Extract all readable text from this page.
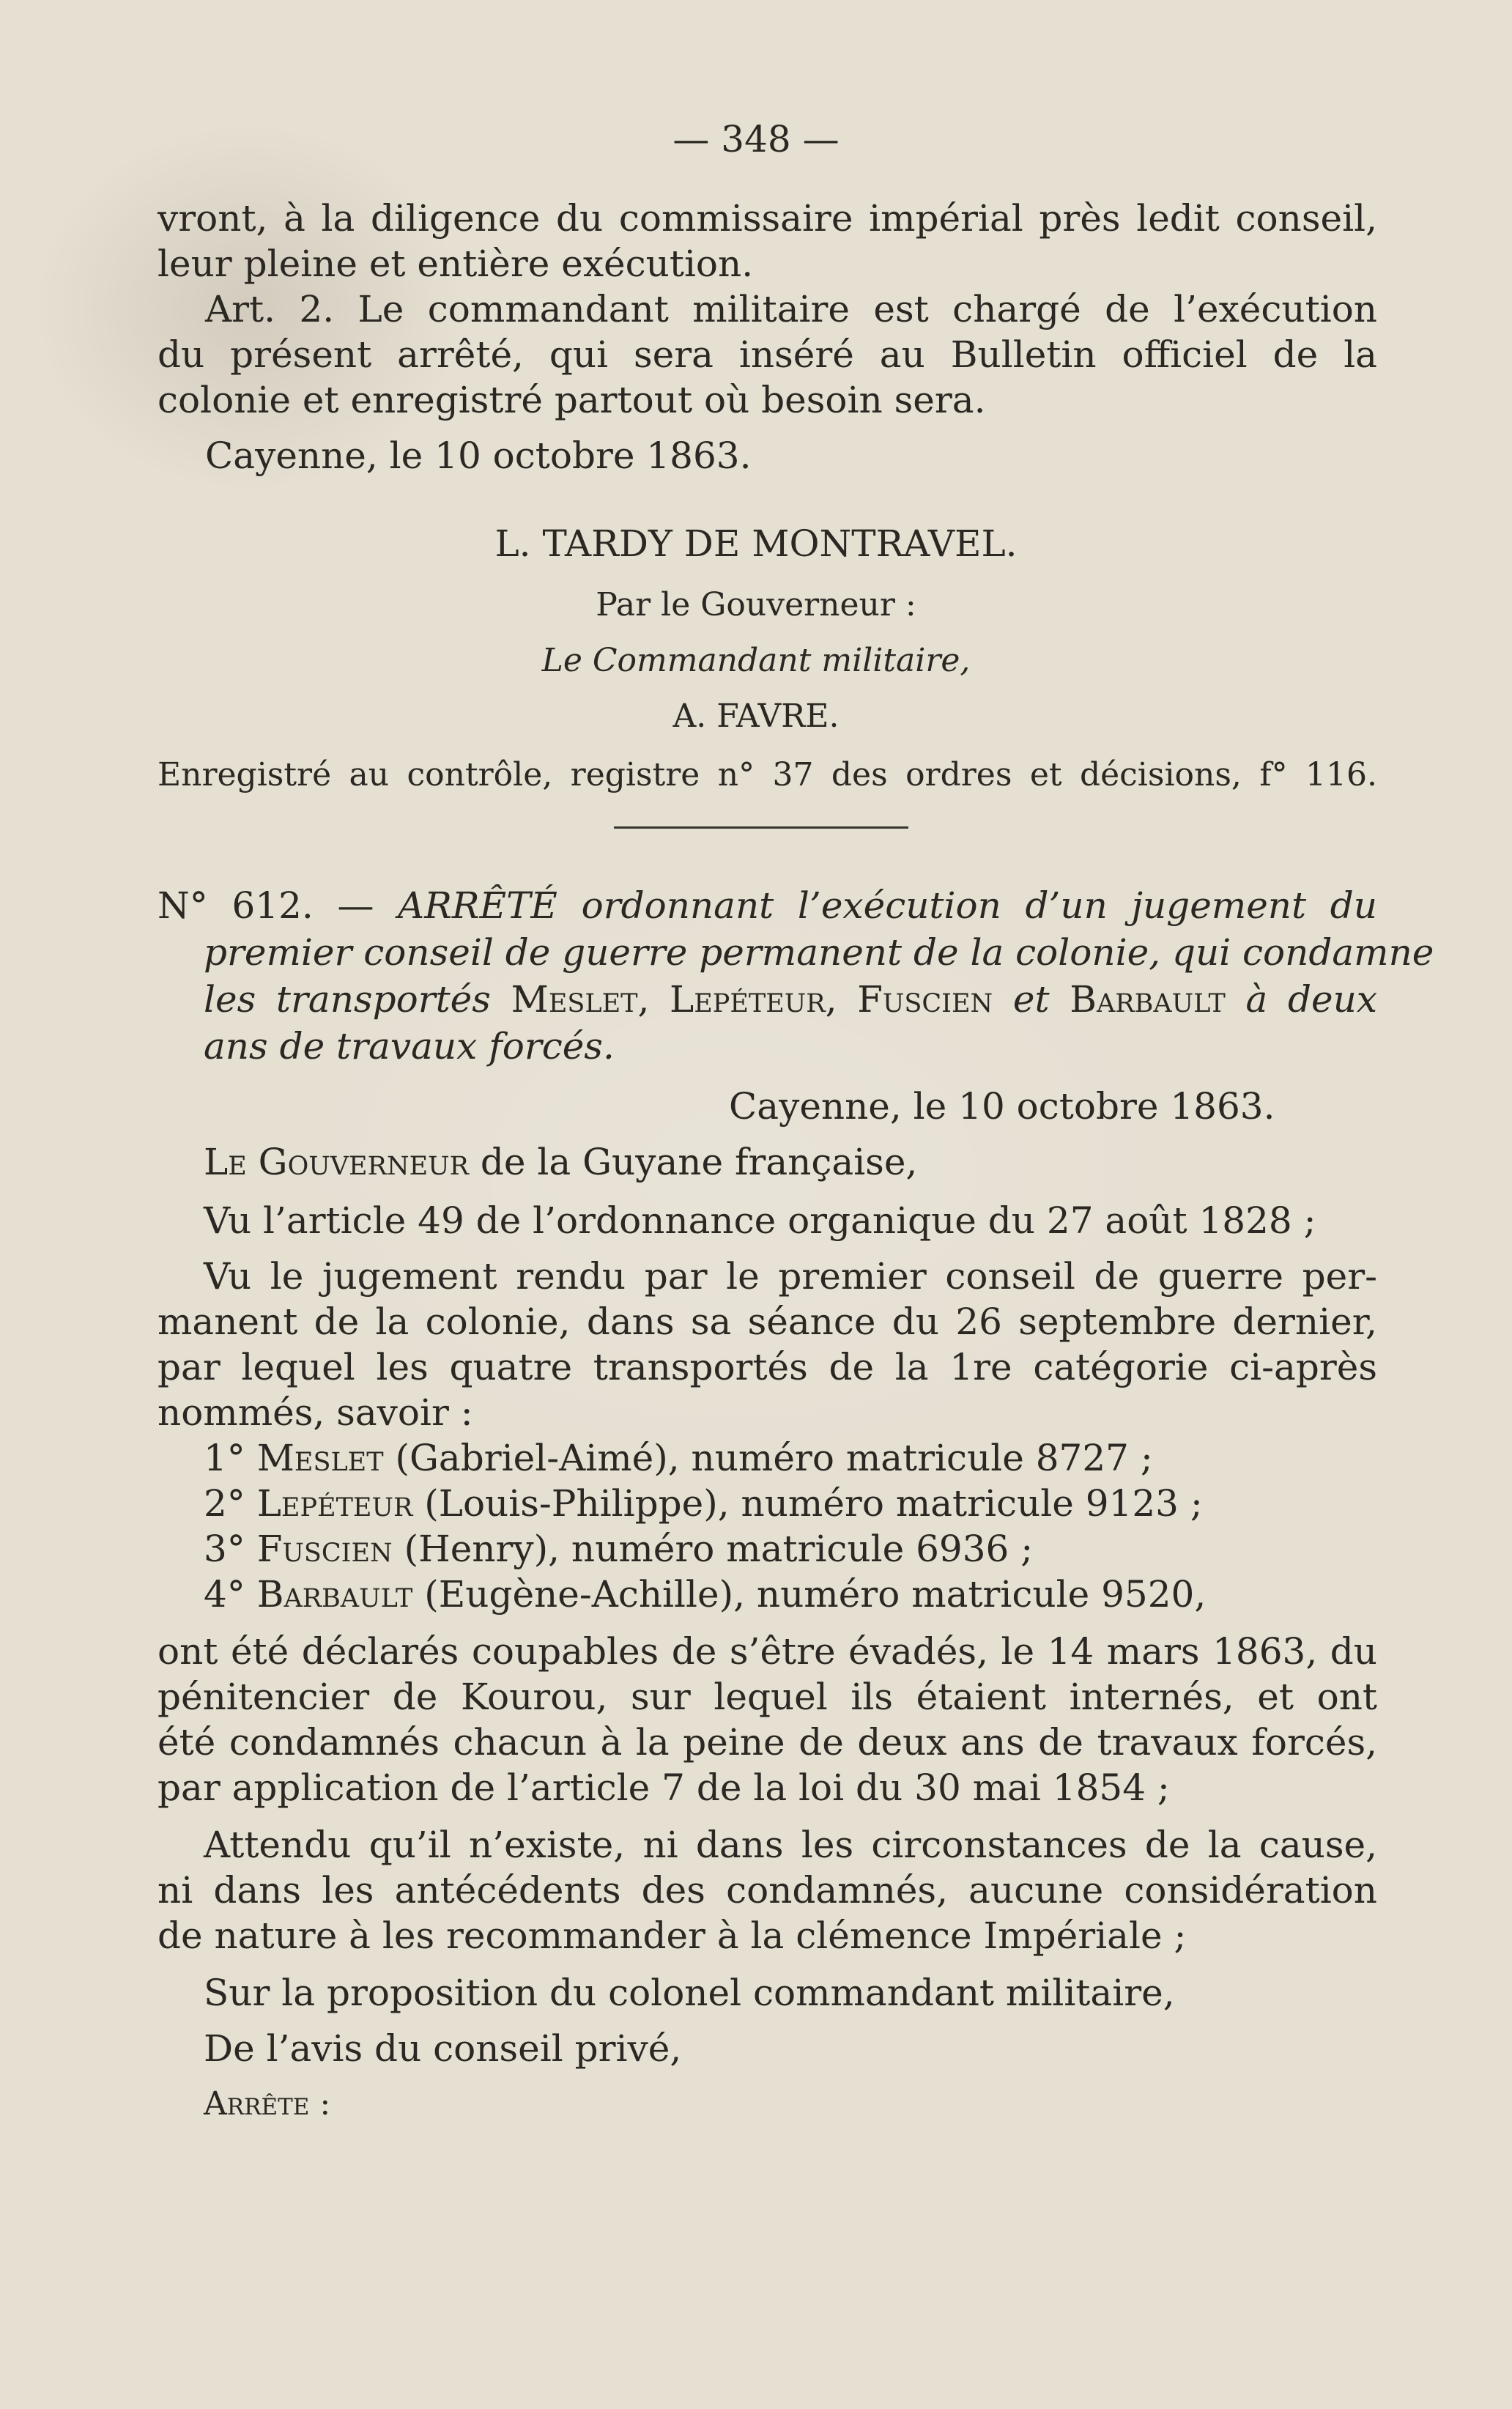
— 348 —
vront, à la diligence du commissaire impérial près ledit conseil,
leur pleine et entière exécution.
Art. 2. Le commandant militaire est chargé de l’exécution
du présent arrêté, qui sera inséré au Bulletin officiel de la
colonie et enregistré partout où besoin sera.
Cayenne, le 10 octobre 1863.
L. TARDY DE MONTRAVEL.
Par le Gouverneur :
Le Commandant militaire,
A. FAVRE.
Enregistré au contrôle, registre n° 37 des ordres et décisions, f° 116.
N° 612. — ARRÊTÉ ordonnant l’exécution d’un jugement du
premier conseil de guerre permanent de la colonie, qui condamne
les transportés Meslet, Lepéteur, Fuscien et Barbault à deux
ans de travaux forcés.
Cayenne, le 10 octobre 1863.
Le Gouverneur de la Guyane française,
Vu l’article 49 de l’ordonnance organique du 27 août 1828 ;
Vu le jugement rendu par le premier conseil de guerre per-
manent de la colonie, dans sa séance du 26 septembre dernier,
par lequel les quatre transportés de la 1re catégorie ci-après
nommés, savoir :
1° Meslet (Gabriel-Aimé), numéro matricule 8727 ;
2° Lepéteur (Louis-Philippe), numéro matricule 9123 ;
3° Fuscien (Henry), numéro matricule 6936 ;
4° Barbault (Eugène-Achille), numéro matricule 9520,
ont été déclarés coupables de s’être évadés, le 14 mars 1863, du
pénitencier de Kourou, sur lequel ils étaient internés, et ont
été condamnés chacun à la peine de deux ans de travaux forcés,
par application de l’article 7 de la loi du 30 mai 1854 ;
Attendu qu’il n’existe, ni dans les circonstances de la cause,
ni dans les antécédents des condamnés, aucune considération
de nature à les recommander à la clémence Impériale ;
Sur la proposition du colonel commandant militaire,
De l’avis du conseil privé,
Arrête :
